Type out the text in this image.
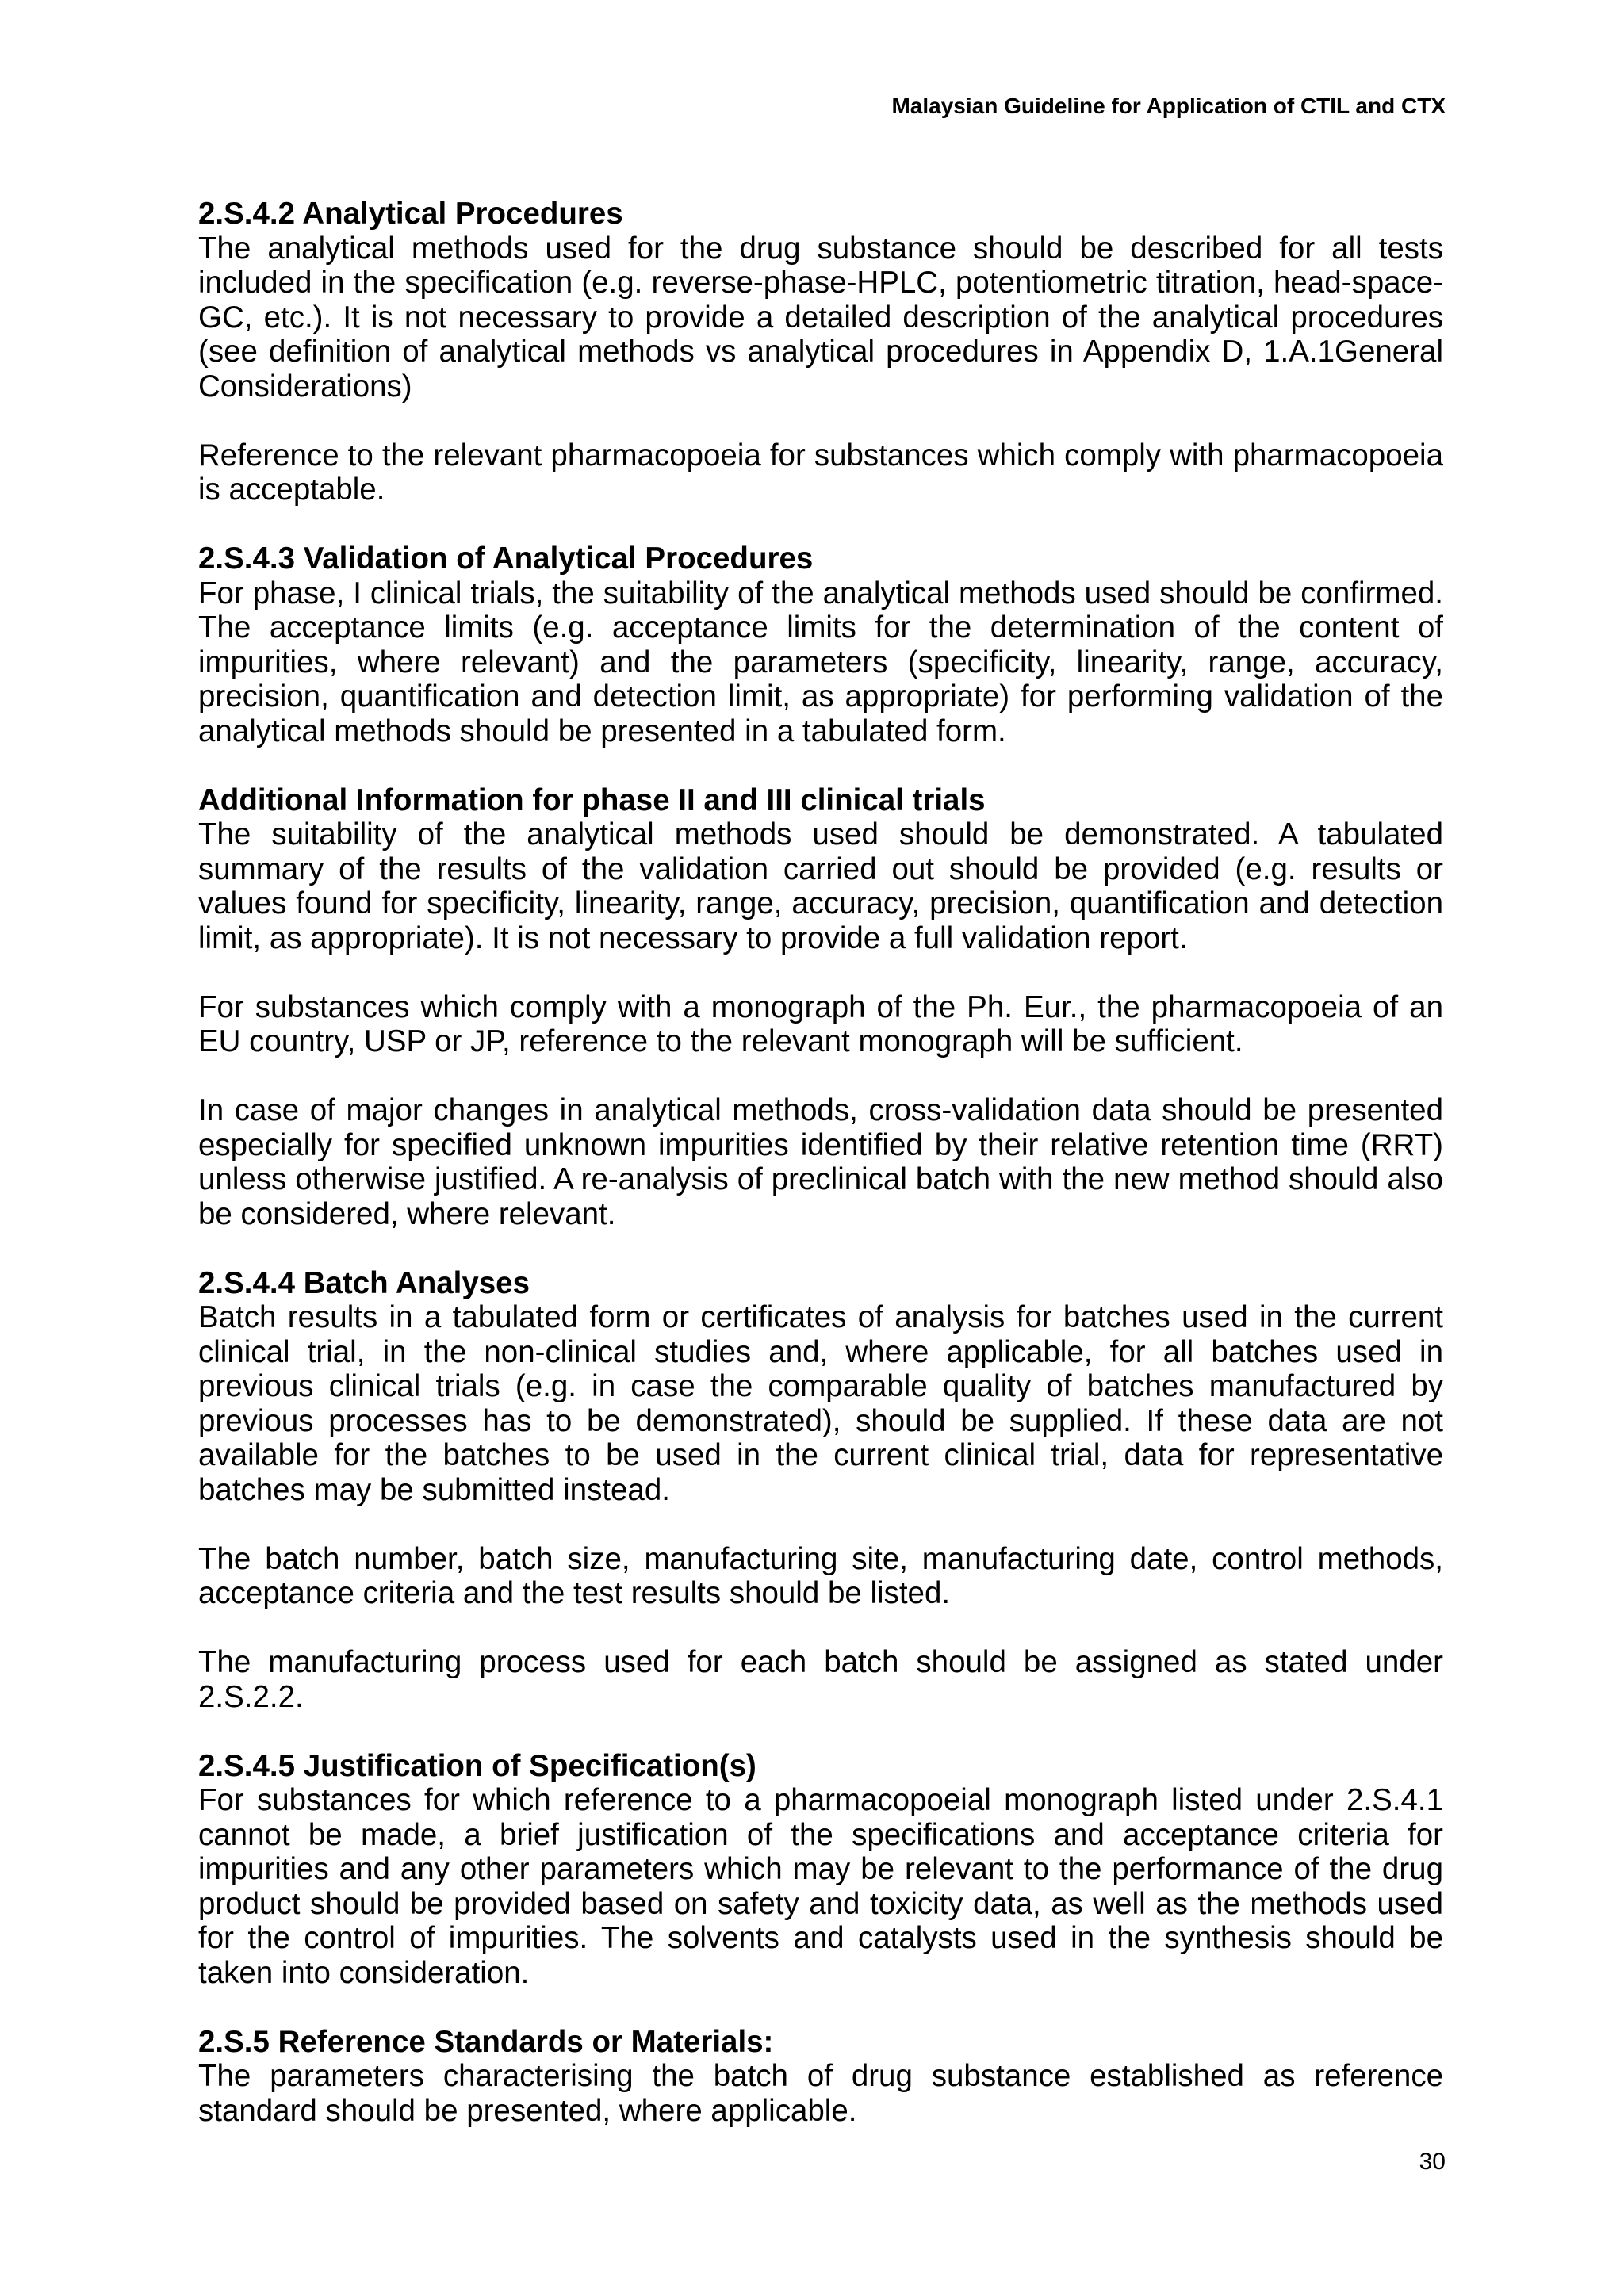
Malaysian Guideline for Application of CTIL and CTX
2.S.4.2 Analytical Procedures

The analytical methods used for the drug substance should be described for all tests included in the specification (e.g. reverse-phase-HPLC, potentiometric titration, head-space-GC, etc.). It is not necessary to provide a detailed description of the analytical procedures (see definition of analytical methods vs analytical procedures in Appendix D, 1.A.1General Considerations)

Reference to the relevant pharmacopoeia for substances which comply with pharmacopoeia is acceptable.

2.S.4.3 Validation of Analytical Procedures

For phase, I clinical trials, the suitability of the analytical methods used should be confirmed. The acceptance limits (e.g. acceptance limits for the determination of the content of impurities, where relevant) and the parameters (specificity, linearity, range, accuracy, precision, quantification and detection limit, as appropriate) for performing validation of the analytical methods should be presented in a tabulated form.

Additional Information for phase II and III clinical trials

The suitability of the analytical methods used should be demonstrated. A tabulated summary of the results of the validation carried out should be provided (e.g. results or values found for specificity, linearity, range, accuracy, precision, quantification and detection limit, as appropriate). It is not necessary to provide a full validation report.

For substances which comply with a monograph of the Ph. Eur., the pharmacopoeia of an EU country, USP or JP, reference to the relevant monograph will be sufficient.

In case of major changes in analytical methods, cross-validation data should be presented especially for specified unknown impurities identified by their relative retention time (RRT) unless otherwise justified. A re-analysis of preclinical batch with the new method should also be considered, where relevant.

2.S.4.4 Batch Analyses

Batch results in a tabulated form or certificates of analysis for batches used in the current clinical trial, in the non-clinical studies and, where applicable, for all batches used in previous clinical trials (e.g. in case the comparable quality of batches manufactured by previous processes has to be demonstrated), should be supplied. If these data are not available for the batches to be used in the current clinical trial, data for representative batches may be submitted instead.

The batch number, batch size, manufacturing site, manufacturing date, control methods, acceptance criteria and the test results should be listed.

The manufacturing process used for each batch should be assigned as stated under 2.S.2.2.

2.S.4.5 Justification of Specification(s)

For substances for which reference to a pharmacopoeial monograph listed under 2.S.4.1 cannot be made, a brief justification of the specifications and acceptance criteria for impurities and any other parameters which may be relevant to the performance of the drug product should be provided based on safety and toxicity data, as well as the methods used for the control of impurities. The solvents and catalysts used in the synthesis should be taken into consideration.

2.S.5 Reference Standards or Materials:

The parameters characterising the batch of drug substance established as reference standard should be presented, where applicable.

30
